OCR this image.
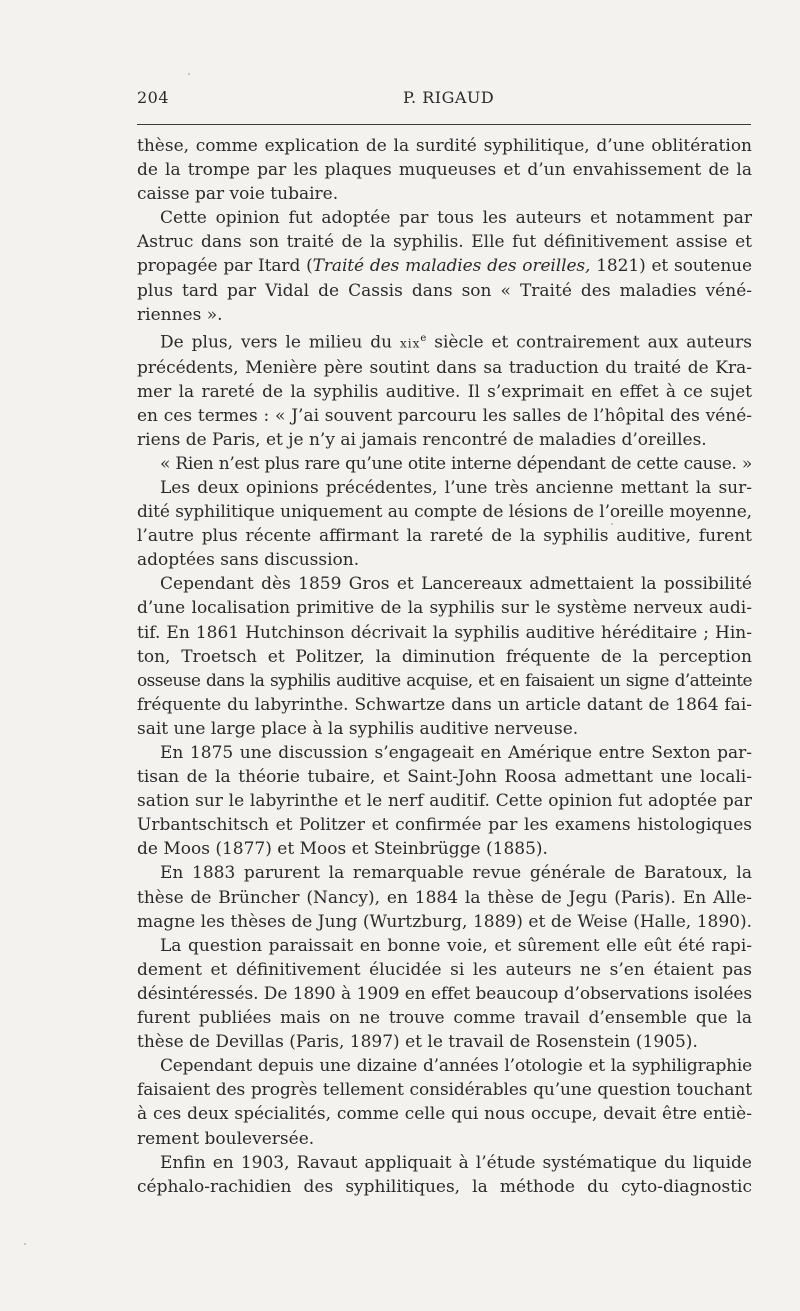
204	P. RIGAUD
thèse, comme explication de la surdité syphilitique, d’une oblitération
de la trompe par les plaques muqueuses et d’un envahissement de la
caisse par voie tubaire.
Cette opinion fut adoptée par tous les auteurs et notamment par
Astruc dans son traité de la syphilis. Elle fut définitivement assise et
propagée par Itard (Traité des maladies des oreilles, 1821) et soutenue
plus tard par Vidal de Cassis dans son « Traité des maladies véné-
riennes ».
De plus, vers le milieu du xix$^e$ siècle et contrairement aux auteurs
précédents, Menière père soutint dans sa traduction du traité de Kra-
mer la rareté de la syphilis auditive. Il s’exprimait en effet à ce sujet
en ces termes : « J’ai souvent parcouru les salles de l’hôpital des véné-
riens de Paris, et je n’y ai jamais rencontré de maladies d’oreilles.
« Rien n’est plus rare qu’une otite interne dépendant de cette cause. »
Les deux opinions précédentes, l’une très ancienne mettant la sur-
dité syphilitique uniquement au compte de lésions de l’oreille moyenne,
l’autre plus récente affirmant la rareté de la syphilis auditive, furent
adoptées sans discussion.
Cependant dès 1859 Gros et Lancereaux admettaient la possibilité
d’une localisation primitive de la syphilis sur le système nerveux audi-
tif. En 1861 Hutchinson décrivait la syphilis auditive héréditaire ; Hin-
ton, Troetsch et Politzer, la diminution fréquente de la perception
osseuse dans la syphilis auditive acquise, et en faisaient un signe d’atteinte
fréquente du labyrinthe. Schwartze dans un article datant de 1864 fai-
sait une large place à la syphilis auditive nerveuse.
En 1875 une discussion s’engageait en Amérique entre Sexton par-
tisan de la théorie tubaire, et Saint-John Roosa admettant une locali-
sation sur le labyrinthe et le nerf auditif. Cette opinion fut adoptée par
Urbantschitsch et Politzer et confirmée par les examens histologiques
de Moos (1877) et Moos et Steinbrügge (1885).
En 1883 parurent la remarquable revue générale de Baratoux, la
thèse de Brüncher (Nancy), en 1884 la thèse de Jegu (Paris). En Alle-
magne les thèses de Jung (Wurtzburg, 1889) et de Weise (Halle, 1890).
La question paraissait en bonne voie, et sûrement elle eût été rapi-
dement et définitivement élucidée si les auteurs ne s’en étaient pas
désintéressés. De 1890 à 1909 en effet beaucoup d’observations isolées
furent publiées mais on ne trouve comme travail d’ensemble que la
thèse de Devillas (Paris, 1897) et le travail de Rosenstein (1905).
Cependant depuis une dizaine d’années l’otologie et la syphiligraphie
faisaient des progrès tellement considérables qu’une question touchant
à ces deux spécialités, comme celle qui nous occupe, devait être entiè-
rement bouleversée.
Enfin en 1903, Ravaut appliquait à l’étude systématique du liquide
céphalo-rachidien des syphilitiques, la méthode du cyto-diagnostic
